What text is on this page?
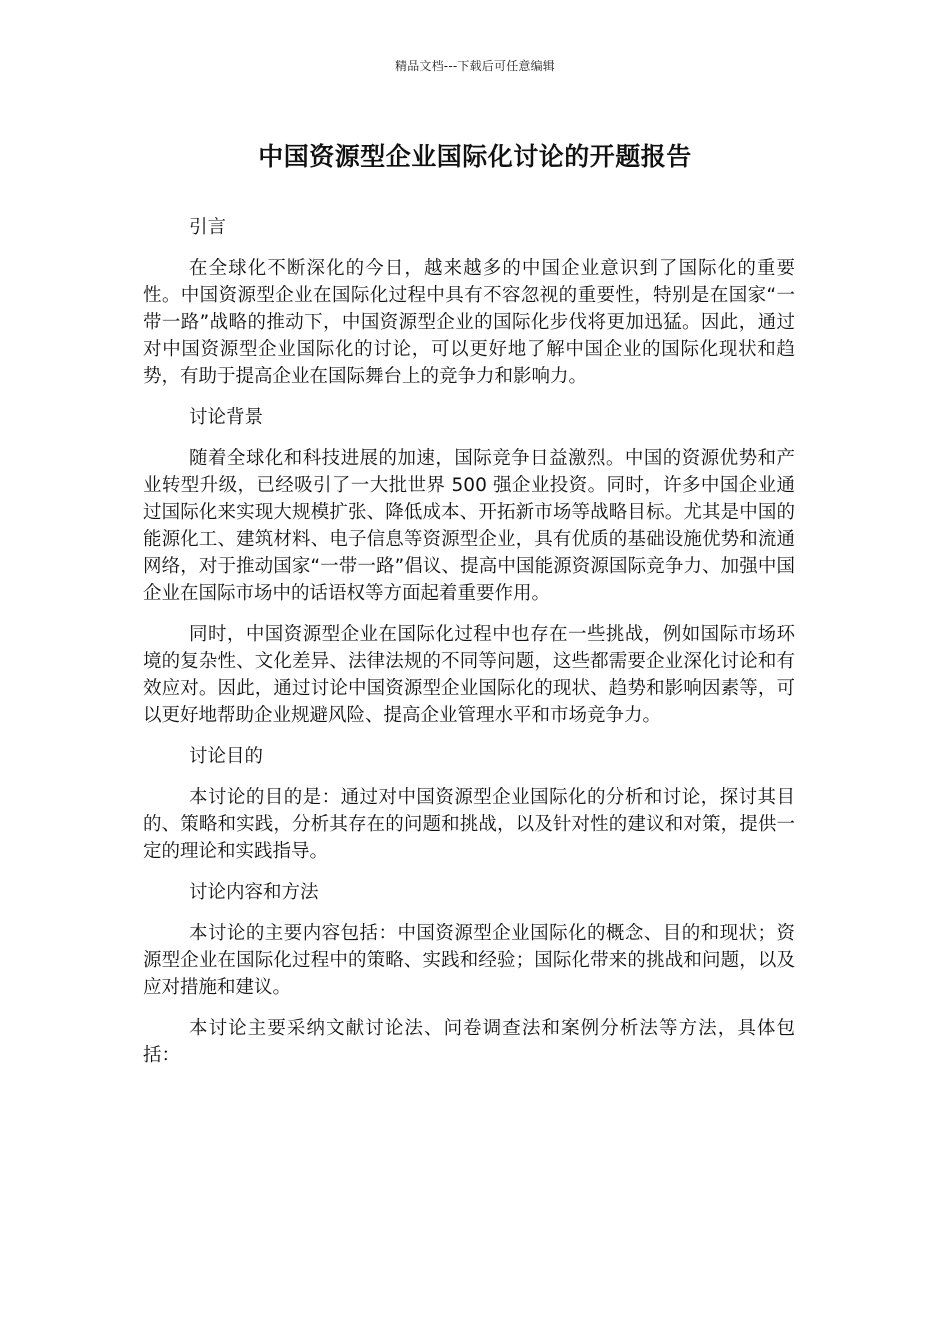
精品文档---下载后可任意编辑
中国资源型企业国际化讨论的开题报告

引言

在全球化不断深化的今日，越来越多的中国企业意识到了国际化的重要性。中国资源型企业在国际化过程中具有不容忽视的重要性，特别是在国家“一带一路”战略的推动下，中国资源型企业的国际化步伐将更加迅猛。因此，通过对中国资源型企业国际化的讨论，可以更好地了解中国企业的国际化现状和趋势，有助于提高企业在国际舞台上的竞争力和影响力。

讨论背景

随着全球化和科技进展的加速，国际竞争日益激烈。中国的资源优势和产业转型升级，已经吸引了一大批世界 500 强企业投资。同时，许多中国企业通过国际化来实现大规模扩张、降低成本、开拓新市场等战略目标。尤其是中国的能源化工、建筑材料、电子信息等资源型企业，具有优质的基础设施优势和流通网络，对于推动国家“一带一路”倡议、提高中国能源资源国际竞争力、加强中国企业在国际市场中的话语权等方面起着重要作用。

同时，中国资源型企业在国际化过程中也存在一些挑战，例如国际市场环境的复杂性、文化差异、法律法规的不同等问题，这些都需要企业深化讨论和有效应对。因此，通过讨论中国资源型企业国际化的现状、趋势和影响因素等，可以更好地帮助企业规避风险、提高企业管理水平和市场竞争力。

讨论目的

本讨论的目的是：通过对中国资源型企业国际化的分析和讨论，探讨其目的、策略和实践，分析其存在的问题和挑战，以及针对性的建议和对策，提供一定的理论和实践指导。

讨论内容和方法

本讨论的主要内容包括：中国资源型企业国际化的概念、目的和现状；资源型企业在国际化过程中的策略、实践和经验；国际化带来的挑战和问题，以及应对措施和建议。

本讨论主要采纳文献讨论法、问卷调查法和案例分析法等方法，具体包括：
